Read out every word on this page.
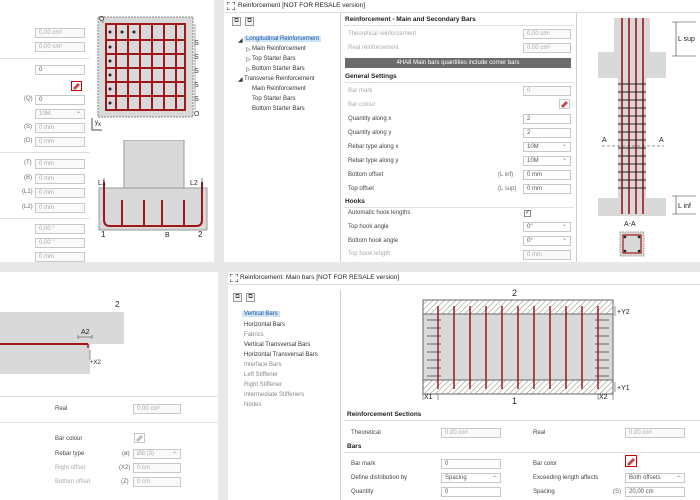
0,00 cm²
0,00 cm²
0
(Q)	0
10M ⌄
(S)	0 mm
(D)	0 mm
(T)	0 mm
(B)	0 mm
(L1)	0 mm
(L2)	0 mm
0,00 °
0,00 °
0 mm
S
S
S
S
S
O
Q
y x
L1	L2
1	2
B
Reinforcement [NOT FOR RESALE version]
⧉	⧉
◢ Longitudinal Reinforcement
▷ Main Reinforcement
▷ Top Starter Bars
▷ Bottom Starter Bars
◢ Transverse Reinforcement
Main Reinforcement
Top Starter Bars
Bottom Starter Bars
Reinforcement - Main and Secondary Bars
Theoretical reinforcement	0,00 cm²
Real reinforcement	0,00 cm²
4HA8 Main bars quantities include corner bars
General Settings
Bar mark	0
Bar colour
Quantity along x	2
Quantity along y	2
Rebar type along x	10M ⌄
Rebar type along y	10M ⌄
Bottom offset	(L inf)	0 mm
Top offset	(L sup)	0 mm
Hooks
Automatic hook lengths	✓
Top hook angle	0° ⌄
Bottom hook angle	0° ⌄
Top hook length	0 mm
L sup
L inf
A	A
A-A
A2
+X2
2
Real	0,00 cm²
Bar colour
Rebar type	(ø)	Ø8 (3) ⌄
Right offset	(X2)	0 cm
Bottom offset	(Z)	0 cm
Reinforcement: Main bars [NOT FOR RESALE version]
⧉	⧉
Vertical Bars
Horizontal Bars
Fabrics
Vertical Transversal Bars
Horizontal Transversal Bars
Interface Bars
Left Stiffener
Right Stiffener
Intermediate Stiffeners
Nodes
2
1
+Y2
+Y1
X1	X2
Reinforcement Sections
Theoretical	0,00 cm²	Real	0,00 cm²
Bars
Bar mark	0	Bar color
Define distribution by	Spacing ⌄	Exceeding length affects	Both offsets ⌄
Quantity	0	Spacing	(S)	20,00 cm
